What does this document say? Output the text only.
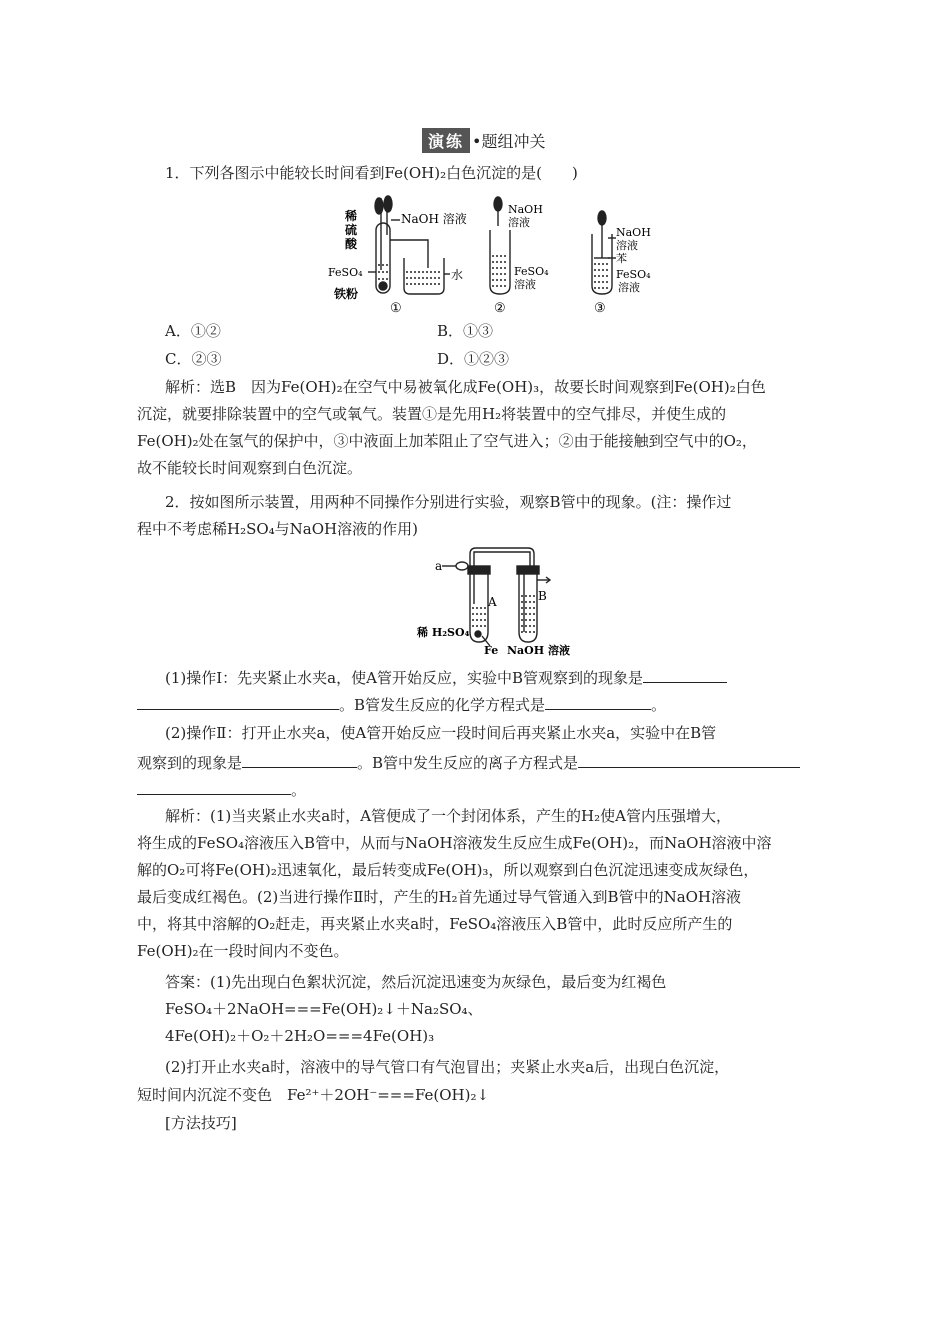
演练 •题组冲关
1．下列各图示中能较长时间看到Fe(OH)₂白色沉淀的是(　　)
稀
硫
酸
NaOH 溶液
FeSO₄
铁粉
水
①
NaOH
溶液
FeSO₄
溶液
②
NaOH
溶液
苯
FeSO₄
溶液
③
A．①②	B．①③
C．②③	D．①②③
解析：选B　因为Fe(OH)₂在空气中易被氧化成Fe(OH)₃，故要长时间观察到Fe(OH)₂白色
沉淀，就要排除装置中的空气或氧气。装置①是先用H₂将装置中的空气排尽，并使生成的
Fe(OH)₂处在氢气的保护中，③中液面上加苯阻止了空气进入；②由于能接触到空气中的O₂，
故不能较长时间观察到白色沉淀。
2．按如图所示装置，用两种不同操作分别进行实验，观察B管中的现象。(注：操作过
程中不考虑稀H₂SO₄与NaOH溶液的作用)
a
A	B
稀 H₂SO₄
Fe NaOH 溶液
(1)操作Ⅰ：先夹紧止水夹a，使A管开始反应，实验中B管观察到的现象是
。B管发生反应的化学方程式是	。
(2)操作Ⅱ：打开止水夹a，使A管开始反应一段时间后再夹紧止水夹a，实验中在B管
观察到的现象是	。B管中发生反应的离子方程式是
。
解析：(1)当夹紧止水夹a时，A管便成了一个封闭体系，产生的H₂使A管内压强增大，
将生成的FeSO₄溶液压入B管中，从而与NaOH溶液发生反应生成Fe(OH)₂，而NaOH溶液中溶
解的O₂可将Fe(OH)₂迅速氧化，最后转变成Fe(OH)₃，所以观察到白色沉淀迅速变成灰绿色，
最后变成红褐色。(2)当进行操作Ⅱ时，产生的H₂首先通过导气管通入到B管中的NaOH溶液
中，将其中溶解的O₂赶走，再夹紧止水夹a时，FeSO₄溶液压入B管中，此时反应所产生的
Fe(OH)₂在一段时间内不变色。
答案：(1)先出现白色絮状沉淀，然后沉淀迅速变为灰绿色，最后变为红褐色
FeSO₄＋2NaOH===Fe(OH)₂↓＋Na₂SO₄、
4Fe(OH)₂＋O₂＋2H₂O===4Fe(OH)₃
(2)打开止水夹a时，溶液中的导气管口有气泡冒出；夹紧止水夹a后，出现白色沉淀，
短时间内沉淀不变色　Fe²⁺＋2OH⁻===Fe(OH)₂↓
[方法技巧]
